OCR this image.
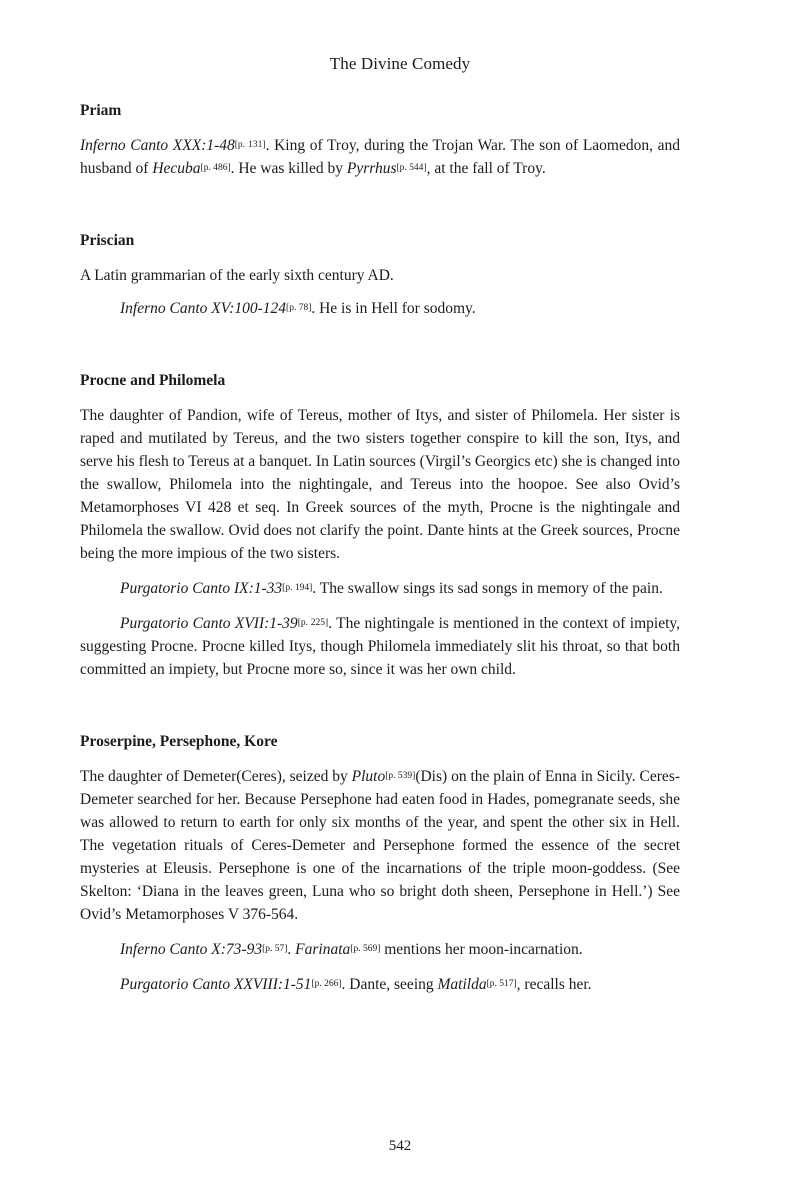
The Divine Comedy
Priam

Inferno Canto XXX:1-48[p. 131]. King of Troy, during the Trojan War. The son of Laomedon, and husband of Hecuba[p. 486]. He was killed by Pyrrhus[p. 544], at the fall of Troy.

Priscian

A Latin grammarian of the early sixth century AD.

Inferno Canto XV:100-124[p. 78]. He is in Hell for sodomy.

Procne and Philomela

The daughter of Pandion, wife of Tereus, mother of Itys, and sister of Philomela. Her sister is raped and mutilated by Tereus, and the two sisters together conspire to kill the son, Itys, and serve his flesh to Tereus at a banquet. In Latin sources (Virgil’s Georgics etc) she is changed into the swallow, Philomela into the nightingale, and Tereus into the hoopoe. See also Ovid’s Metamorphoses VI 428 et seq. In Greek sources of the myth, Procne is the nightingale and Philomela the swallow. Ovid does not clarify the point. Dante hints at the Greek sources, Procne being the more impious of the two sisters.

Purgatorio Canto IX:1-33[p. 194]. The swallow sings its sad songs in memory of the pain.

Purgatorio Canto XVII:1-39[p. 225]. The nightingale is mentioned in the context of impiety, suggesting Procne. Procne killed Itys, though Philomela immediately slit his throat, so that both committed an impiety, but Procne more so, since it was her own child.

Proserpine, Persephone, Kore

The daughter of Demeter(Ceres), seized by Pluto[p. 539](Dis) on the plain of Enna in Sicily. Ceres-Demeter searched for her. Because Persephone had eaten food in Hades, pomegranate seeds, she was allowed to return to earth for only six months of the year, and spent the other six in Hell. The vegetation rituals of Ceres-Demeter and Persephone formed the essence of the secret mysteries at Eleusis. Persephone is one of the incarnations of the triple moon-goddess. (See Skelton: ‘Diana in the leaves green, Luna who so bright doth sheen, Persephone in Hell.’) See Ovid’s Metamorphoses V 376-564.

Inferno Canto X:73-93[p. 57]. Farinata[p. 569] mentions her moon-incarnation.

Purgatorio Canto XXVIII:1-51[p. 266]. Dante, seeing Matilda[p. 517], recalls her.

542
